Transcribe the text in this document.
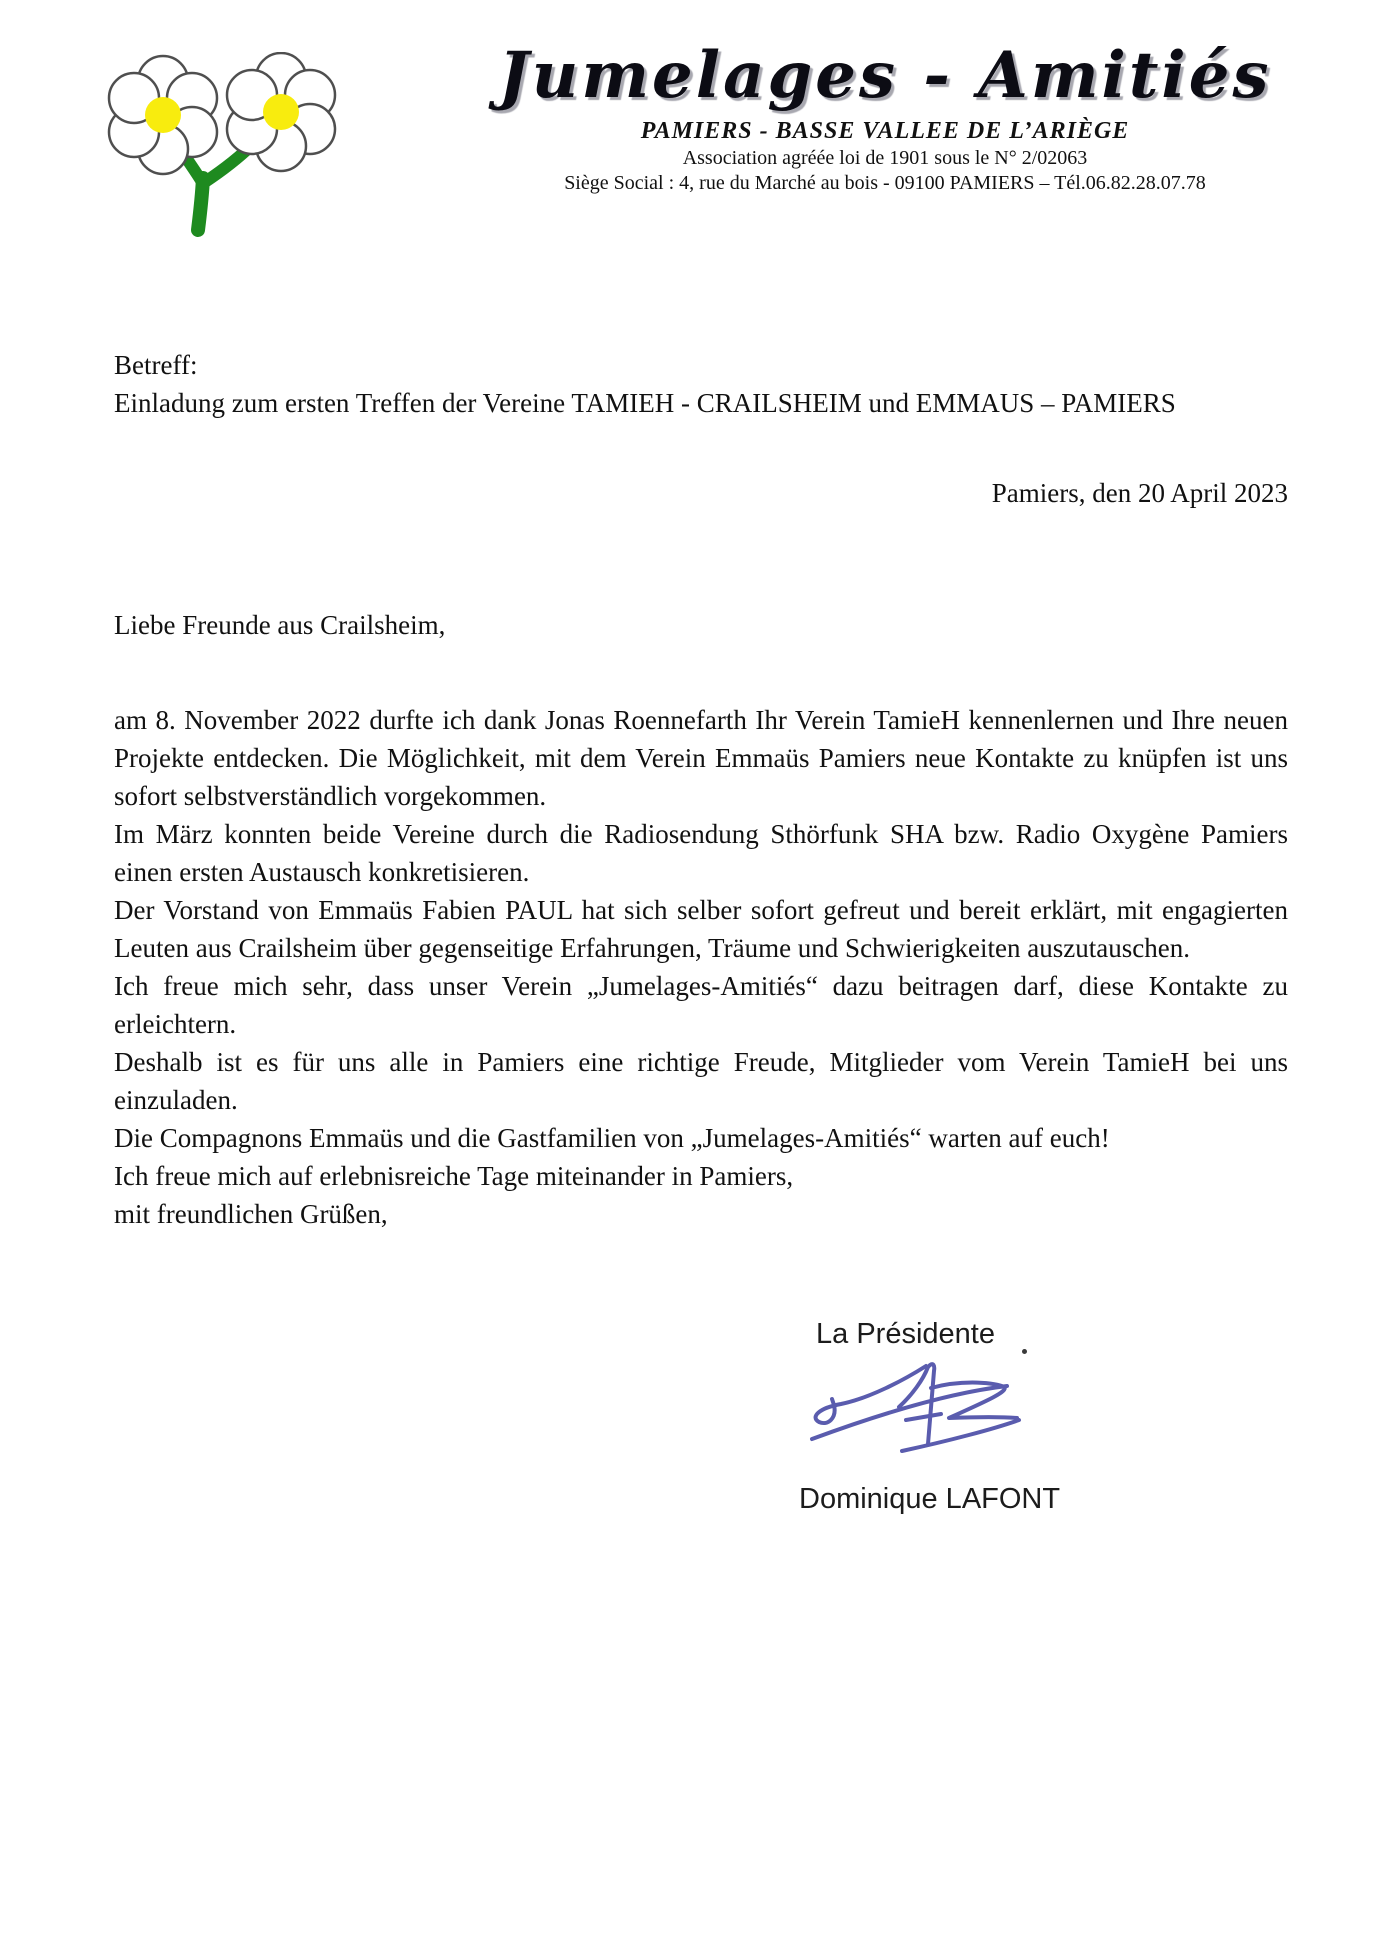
Jumelages - Amitiés
PAMIERS - BASSE VALLEE DE L’ARIÈGE
Association agréée loi de 1901 sous le N° 2/02063
Siège Social : 4, rue du Marché au bois - 09100 PAMIERS – Tél.06.82.28.07.78
Betreff:
Einladung zum ersten Treffen der Vereine TAMIEH - CRAILSHEIM und EMMAUS – PAMIERS
Pamiers, den 20 April 2023
Liebe Freunde aus Crailsheim,

am 8. November 2022 durfte ich dank Jonas Roennefarth Ihr Verein TamieH kennenlernen und Ihre neuen Projekte entdecken. Die Möglichkeit, mit dem Verein Emmaüs Pamiers neue Kontakte zu knüpfen ist uns sofort selbstverständlich vorgekommen.

Im März konnten beide Vereine durch die Radiosendung Sthörfunk SHA bzw. Radio Oxygène Pamiers einen ersten Austausch konkretisieren.

Der Vorstand von Emmaüs Fabien PAUL hat sich selber sofort gefreut und bereit erklärt, mit engagierten Leuten aus Crailsheim über gegenseitige Erfahrungen, Träume und Schwierigkeiten auszutauschen.

Ich freue mich sehr, dass unser Verein „Jumelages-Amitiés“ dazu beitragen darf, diese Kontakte zu erleichtern.

Deshalb ist es für uns alle in Pamiers eine richtige Freude, Mitglieder vom Verein TamieH bei uns einzuladen.

Die Compagnons Emmaüs und die Gastfamilien von „Jumelages-Amitiés“ warten auf euch!

Ich freue mich auf erlebnisreiche Tage miteinander in Pamiers,

mit freundlichen Grüßen,

La Présidente
Dominique LAFONT
